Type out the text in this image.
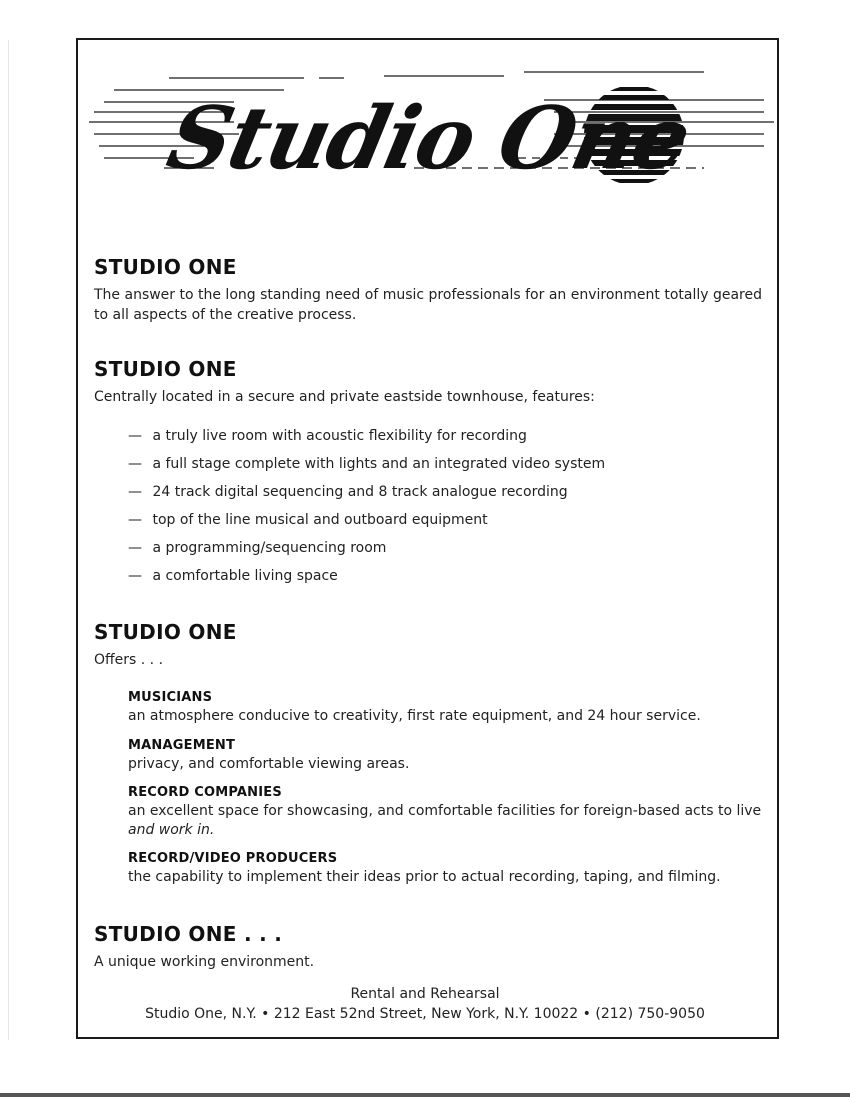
Studio One
STUDIO ONE

The answer to the long standing need of music professionals for an environment totally geared to all aspects of the creative process.

STUDIO ONE

Centrally located in a secure and private eastside townhouse, features:

— a truly live room with acoustic flexibility for recording
— a full stage complete with lights and an integrated video system
— 24 track digital sequencing and 8 track analogue recording
— top of the line musical and outboard equipment
— a programming/sequencing room
— a comfortable living space
STUDIO ONE

Offers . . .

MUSICIANS
an atmosphere conducive to creativity, first rate equipment, and 24 hour service.
MANAGEMENT
privacy, and comfortable viewing areas.
RECORD COMPANIES
an excellent space for showcasing, and comfortable facilities for foreign-based acts to live
and work in.
RECORD/VIDEO PRODUCERS
the capability to implement their ideas prior to actual recording, taping, and filming.
STUDIO ONE . . .

A unique working environment.

Rental and Rehearsal
Studio One, N.Y. • 212 East 52nd Street, New York, N.Y. 10022 • (212) 750-9050
